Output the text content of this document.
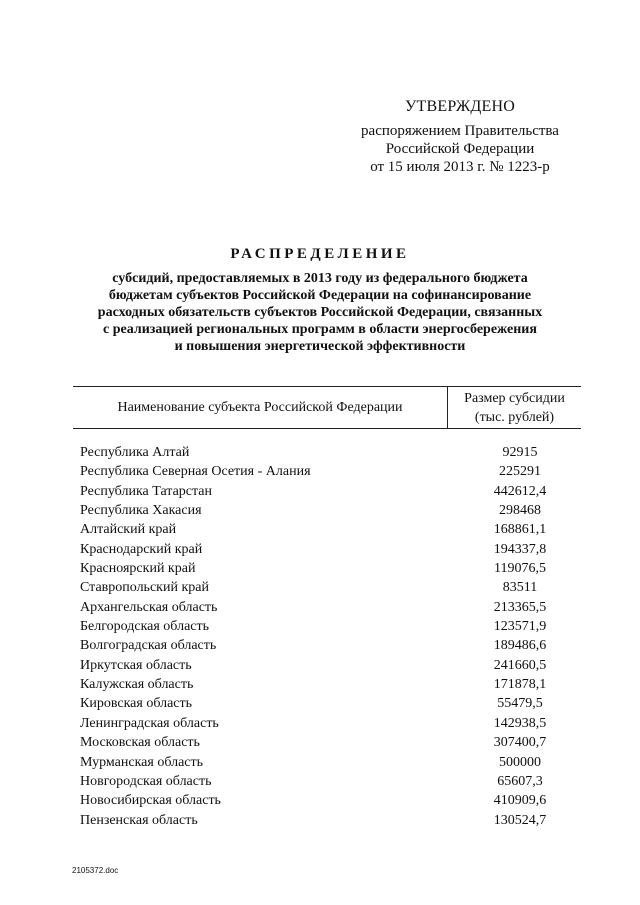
УТВЕРЖДЕНО
распоряжением Правительства
Российской Федерации
от 15 июля 2013 г. № 1223-р
РАСПРЕДЕЛЕНИЕ
субсидий, предоставляемых в 2013 году из федерального бюджета
бюджетам субъектов Российской Федерации на софинансирование
расходных обязательств субъектов Российской Федерации, связанных
с реализацией региональных программ в области энергосбережения
и повышения энергетической эффективности
Наименование субъекта Российской Федерации
Размер субсидии
(тыс. рублей)
Республика Алтай	92915
Республика Северная Осетия - Алания	225291
Республика Татарстан	442612,4
Республика Хакасия	298468
Алтайский край	168861,1
Краснодарский край	194337,8
Красноярский край	119076,5
Ставропольский край	83511
Архангельская область	213365,5
Белгородская область	123571,9
Волгоградская область	189486,6
Иркутская область	241660,5
Калужская область	171878,1
Кировская область	55479,5
Ленинградская область	142938,5
Московская область	307400,7
Мурманская область	500000
Новгородская область	65607,3
Новосибирская область	410909,6
Пензенская область	130524,7
2105372.doc
